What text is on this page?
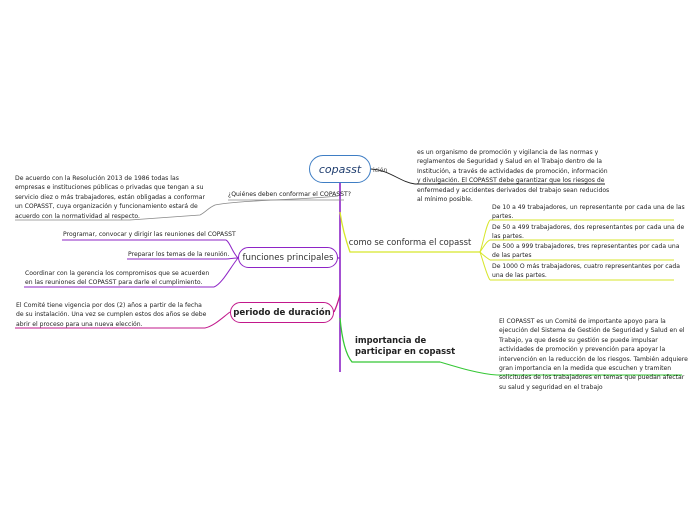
copasst ición
es un organismo de promoción y vigilancia de las normas y
reglamentos de Seguridad y Salud en el Trabajo dentro de la
Institución, a través de actividades de promoción, información
y divulgación. El COPASST debe garantizar que los riesgos de
enfermedad y accidentes derivados del trabajo sean reducidos
al mínimo posible.
¿Quiénes deben conformar el COPASST?
De acuerdo con la Resolución 2013 de 1986 todas las
empresas e instituciones públicas o privadas que tengan a su
servicio diez o más trabajadores, están obligadas a conformar
un COPASST, cuya organización y funcionamiento estará de
acuerdo con la normatividad al respecto.
funciones principales
Programar, convocar y dirigir las reuniones del COPASST
Preparar los temas de la reunión.
Coordinar con la gerencia los compromisos que se acuerden
en las reuniones del COPASST para darle el cumplimiento.
periodo de duración
El Comité tiene vigencia por dos (2) años a partir de la fecha
de su instalación. Una vez se cumplen estos dos años se debe
abrir el proceso para una nueva elección.
como se conforma el copasst
De 10 a 49 trabajadores, un representante por cada una de las
partes.
De 50 a 499 trabajadores, dos representantes por cada una de
las partes.
De 500 a 999 trabajadores, tres representantes por cada una
de las partes
De 1000 O más trabajadores, cuatro representantes por cada
una de las partes.
importancia de
participar en copasst
El COPASST es un Comité de importante apoyo para la
ejecución del Sistema de Gestión de Seguridad y Salud en el
Trabajo, ya que desde su gestión se puede impulsar
actividades de promoción y prevención para apoyar la
intervención en la reducción de los riesgos. También adquiere
gran importancia en la medida que escuchen y tramiten
solicitudes de los trabajadores en temas que puedan afectar
su salud y seguridad en el trabajo
